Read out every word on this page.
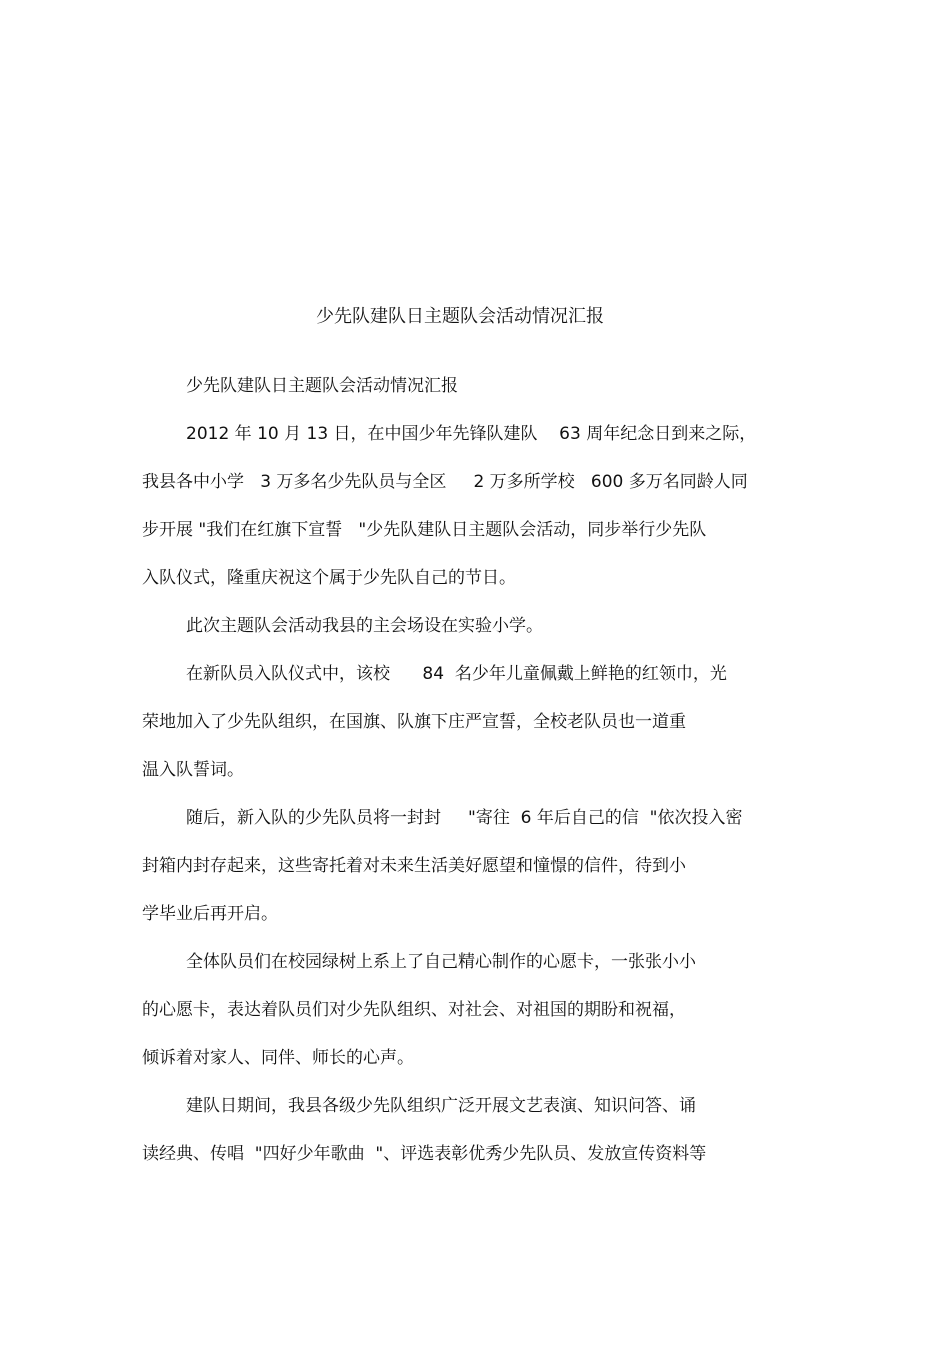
少先队建队日主题队会活动情况汇报

少先队建队日主题队会活动情况汇报

2012 年 10 月 13 日，在中国少年先锋队建队    63 周年纪念日到来之际，
我县各中小学   3 万多名少先队员与全区     2 万多所学校   600 多万名同龄人同
步开展 "我们在红旗下宣誓   "少先队建队日主题队会活动，同步举行少先队
入队仪式，隆重庆祝这个属于少先队自己的节日。

此次主题队会活动我县的主会场设在实验小学。

在新队员入队仪式中，该校      84  名少年儿童佩戴上鲜艳的红领巾，光
荣地加入了少先队组织，在国旗、队旗下庄严宣誓，全校老队员也一道重
温入队誓词。

随后，新入队的少先队员将一封封     "寄往  6 年后自己的信  "依次投入密
封箱内封存起来，这些寄托着对未来生活美好愿望和憧憬的信件，待到小
学毕业后再开启。

全体队员们在校园绿树上系上了自己精心制作的心愿卡，一张张小小
的心愿卡，表达着队员们对少先队组织、对社会、对祖国的期盼和祝福，
倾诉着对家人、同伴、师长的心声。

建队日期间，我县各级少先队组织广泛开展文艺表演、知识问答、诵
读经典、传唱  "四好少年歌曲  "、评选表彰优秀少先队员、发放宣传资料等
